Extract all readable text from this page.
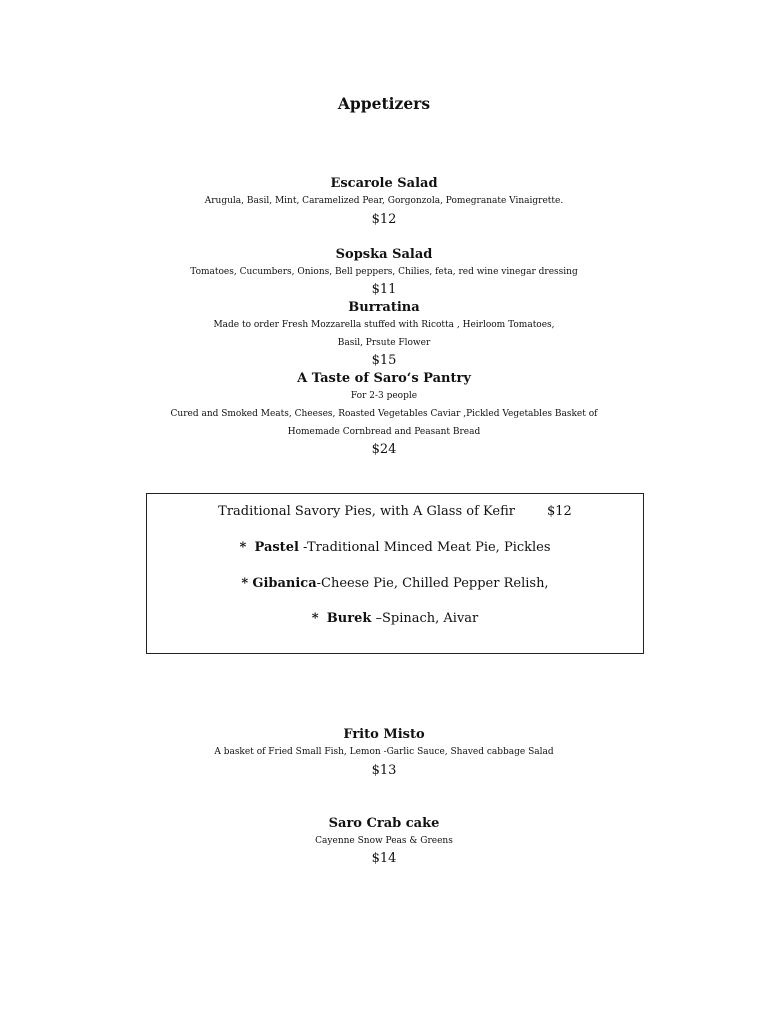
Appetizers
Escarole Salad
Arugula, Basil, Mint, Caramelized Pear, Gorgonzola, Pomegranate Vinaigrette.
$12
Sopska Salad
Tomatoes, Cucumbers, Onions, Bell peppers, Chilies, feta, red wine vinegar dressing
$11
Burratina
Made to order Fresh Mozzarella stuffed with Ricotta , Heirloom Tomatoes,
Basil, Prsute Flower
$15
A Taste of Saro‘s Pantry
For 2-3 people
Cured and Smoked Meats, Cheeses, Roasted Vegetables Caviar ,Pickled Vegetables Basket of
Homemade Cornbread and Peasant Bread
$24
Traditional Savory Pies, with A Glass of Kefir $12
* Pastel -Traditional Minced Meat Pie, Pickles
* Gibanica-Cheese Pie, Chilled Pepper Relish,
* Burek –Spinach, Aivar
Frito Misto
A basket of Fried Small Fish, Lemon -Garlic Sauce, Shaved cabbage Salad
$13
Saro Crab cake
Cayenne Snow Peas & Greens
$14
